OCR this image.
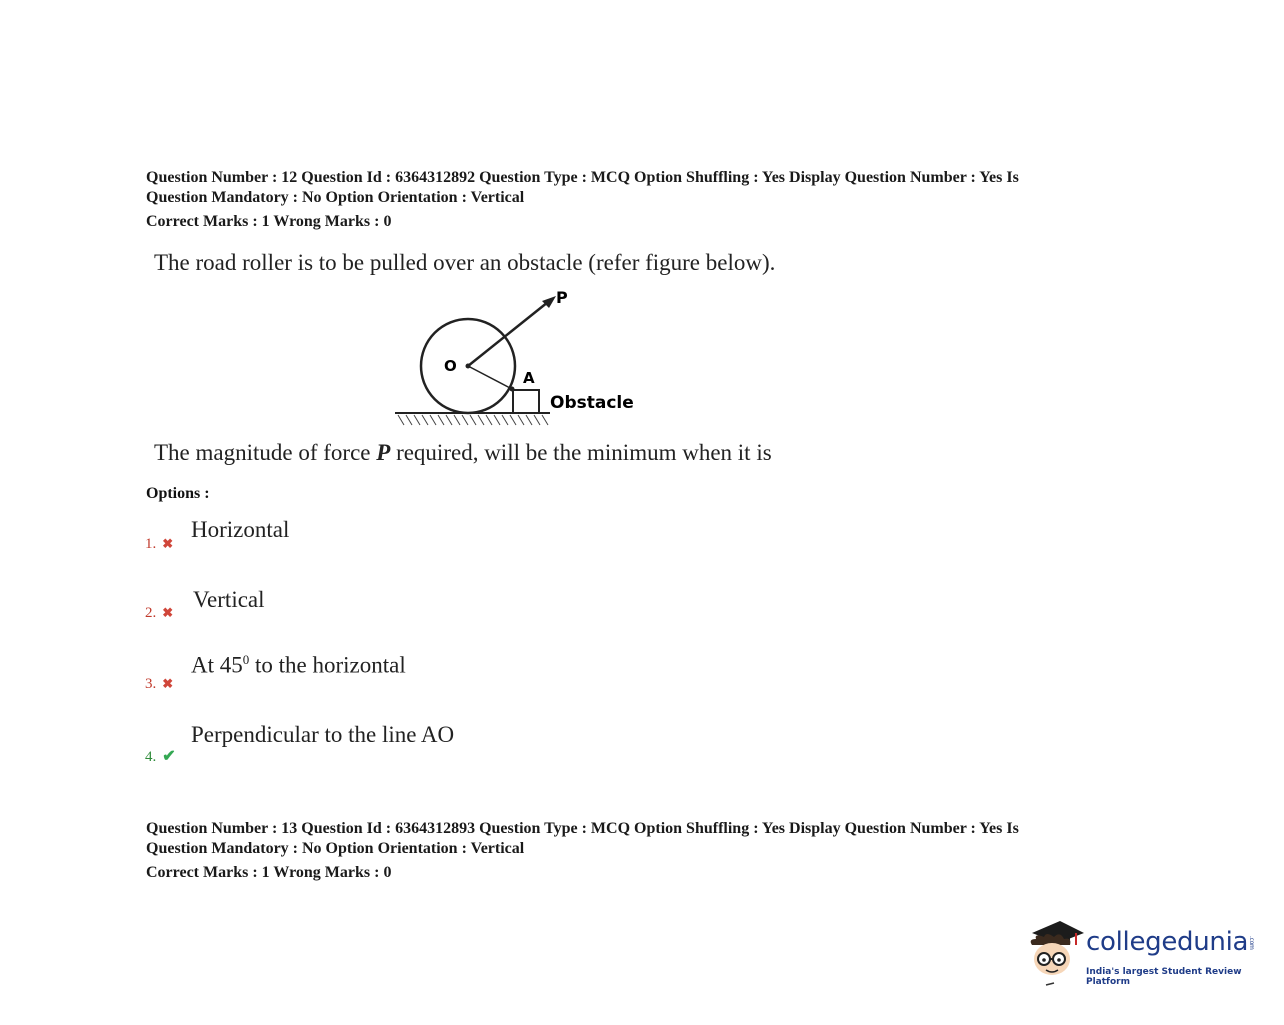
Question Number : 12 Question Id : 6364312892 Question Type : MCQ Option Shuffling : Yes Display Question Number : Yes Is
Question Mandatory : No Option Orientation : Vertical
Correct Marks : 1 Wrong Marks : 0
The road roller is to be pulled over an obstacle (refer figure below).
P
O
A
Obstacle
The magnitude of force P required, will be the minimum when it is
Options :
1. ✖
Horizontal
2. ✖
Vertical
3. ✖
At $45^0$ to the horizontal
4. ✔
Perpendicular to the line AO
Question Number : 13 Question Id : 6364312893 Question Type : MCQ Option Shuffling : Yes Display Question Number : Yes Is
Question Mandatory : No Option Orientation : Vertical
Correct Marks : 1 Wrong Marks : 0
collegedunia.com
India's largest Student Review Platform
